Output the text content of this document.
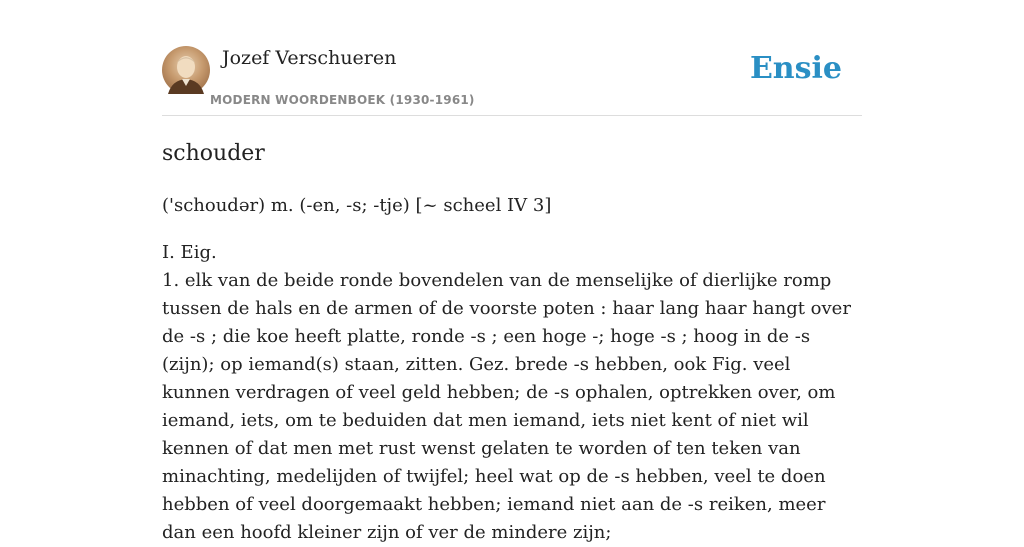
Jozef Verschueren
MODERN WOORDENBOEK (1930-1961)
Ensie
schouder
('schoudər) m. (-en, -s; -tje) [~ scheel IV 3]

I. Eig.

1. elk van de beide ronde bovendelen van de menselijke of dierlijke romp tussen de hals en de armen of de voorste poten : haar lang haar hangt over de -s ; die koe heeft platte, ronde -s ; een hoge -; hoge -s ; hoog in de -s (zijn); op iemand(s) staan, zitten. Gez. brede -s hebben, ook Fig. veel kunnen verdragen of veel geld hebben; de -s ophalen, optrekken over, om iemand, iets, om te beduiden dat men iemand, iets niet kent of niet wil kennen of dat men met rust wenst gelaten te worden of ten teken van minachting, medelijden of twijfel; heel wat op de -s hebben, veel te doen hebben of veel doorgemaakt hebben; iemand niet aan de -s reiken, meer dan een hoofd kleiner zijn of ver de mindere zijn;
